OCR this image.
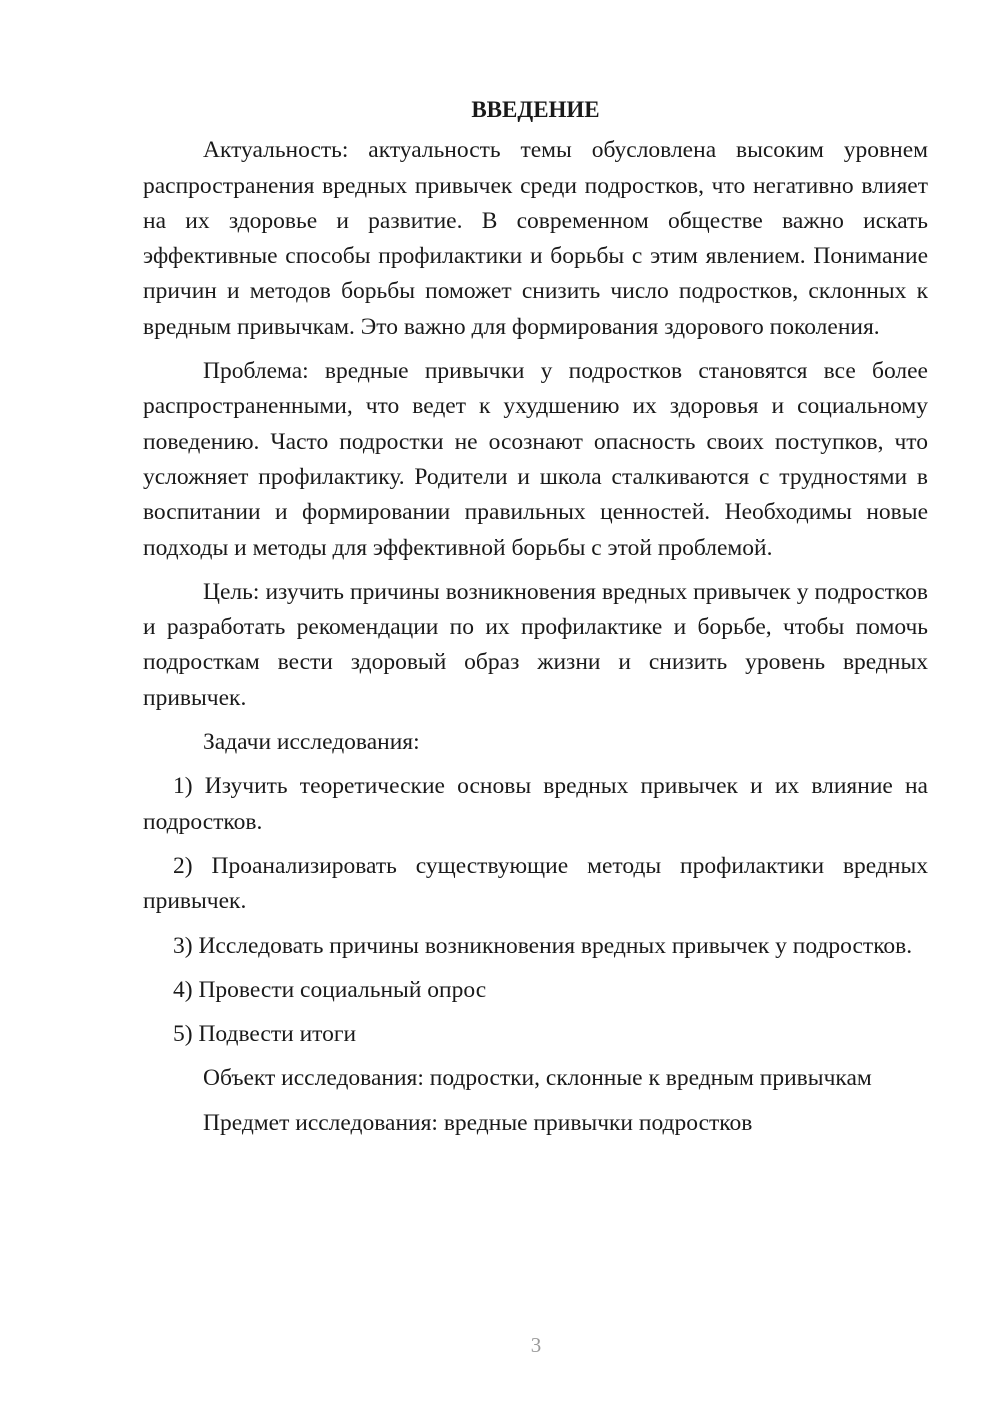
ВВЕДЕНИЕ

Актуальность: актуальность темы обусловлена высоким уровнем распространения вредных привычек среди подростков, что негативно влияет на их здоровье и развитие. В современном обществе важно искать эффективные способы профилактики и борьбы с этим явлением. Понимание причин и методов борьбы поможет снизить число подростков, склонных к вредным привычкам. Это важно для формирования здорового поколения.

Проблема: вредные привычки у подростков становятся все более распространенными, что ведет к ухудшению их здоровья и социальному поведению. Часто подростки не осознают опасность своих поступков, что усложняет профилактику. Родители и школа сталкиваются с трудностями в воспитании и формировании правильных ценностей. Необходимы новые подходы и методы для эффективной борьбы с этой проблемой.

Цель: изучить причины возникновения вредных привычек у подростков и разработать рекомендации по их профилактике и борьбе, чтобы помочь подросткам вести здоровый образ жизни и снизить уровень вредных привычек.

Задачи исследования:

1) Изучить теоретические основы вредных привычек и их влияние на подростков.

2) Проанализировать существующие методы профилактики вредных привычек.

3) Исследовать причины возникновения вредных привычек у подростков.

4) Провести социальный опрос

5) Подвести итоги

Объект исследования: подростки, склонные к вредным привычкам

Предмет исследования: вредные привычки подростков

3
